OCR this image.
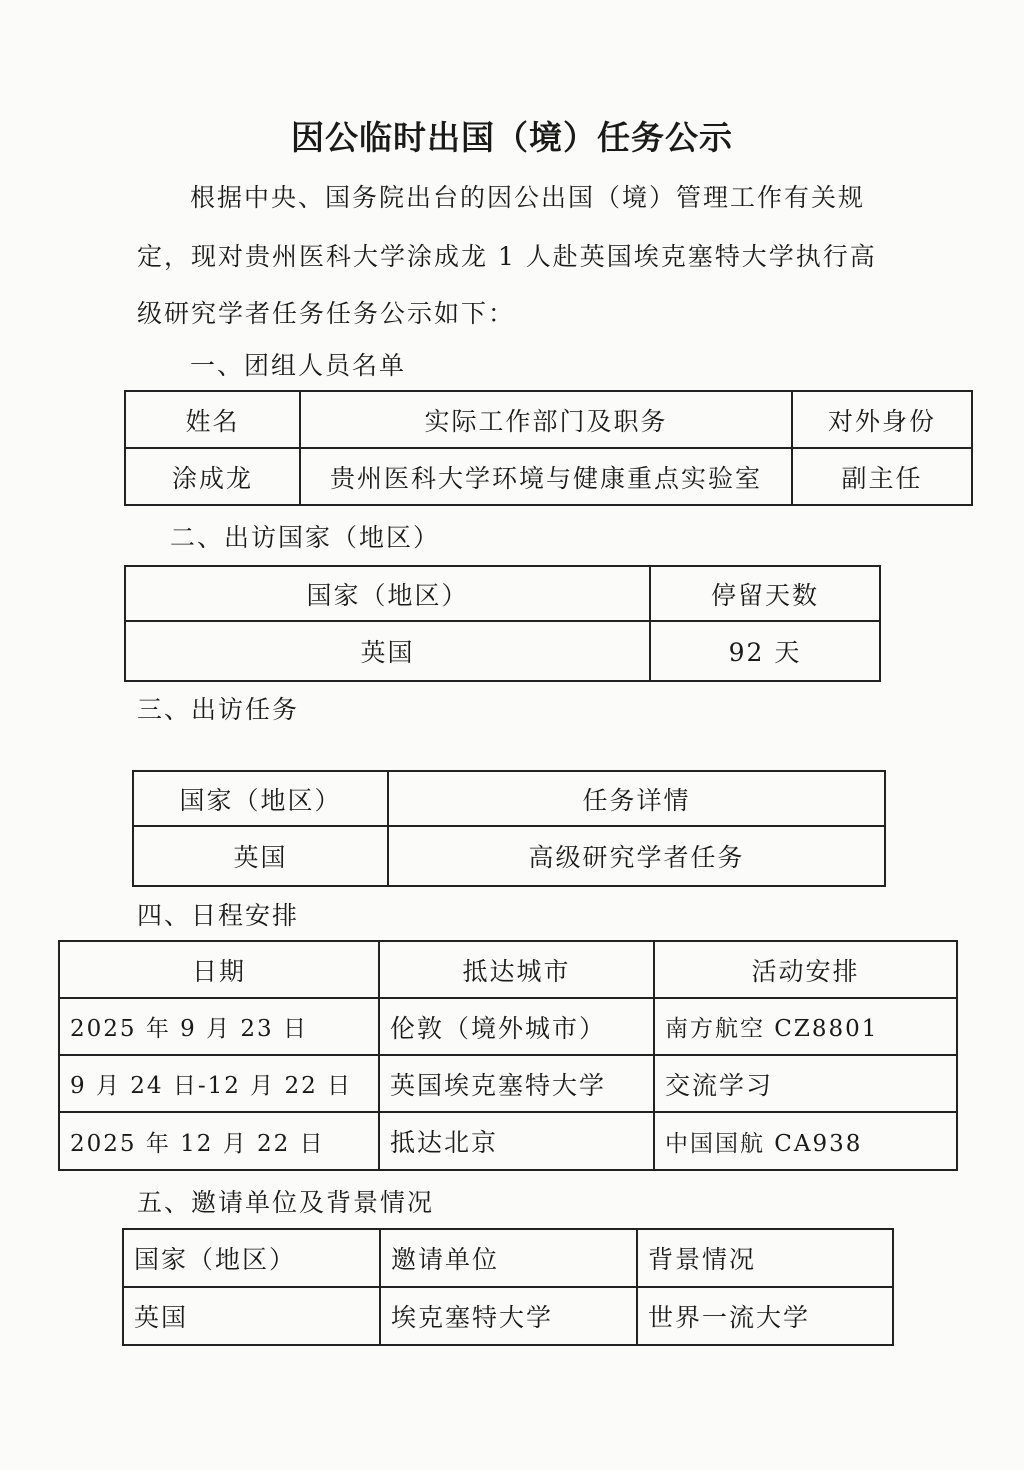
因公临时出国（境）任务公示
根据中央、国务院出台的因公出国（境）管理工作有关规
定，现对贵州医科大学涂成龙 1 人赴英国埃克塞特大学执行高
级研究学者任务任务公示如下：
一、团组人员名单
姓名	实际工作部门及职务	对外身份
涂成龙	贵州医科大学环境与健康重点实验室	副主任
二、出访国家（地区）
国家（地区）	停留天数
英国	92 天
三、出访任务
国家（地区）	任务详情
英国	高级研究学者任务
四、日程安排
日期	抵达城市	活动安排
2025 年 9 月 23 日	伦敦（境外城市）	南方航空 CZ8801
9 月 24 日-12 月 22 日	英国埃克塞特大学	交流学习
2025 年 12 月 22 日	抵达北京	中国国航 CA938
五、邀请单位及背景情况
国家（地区）	邀请单位	背景情况
英国	埃克塞特大学	世界一流大学
